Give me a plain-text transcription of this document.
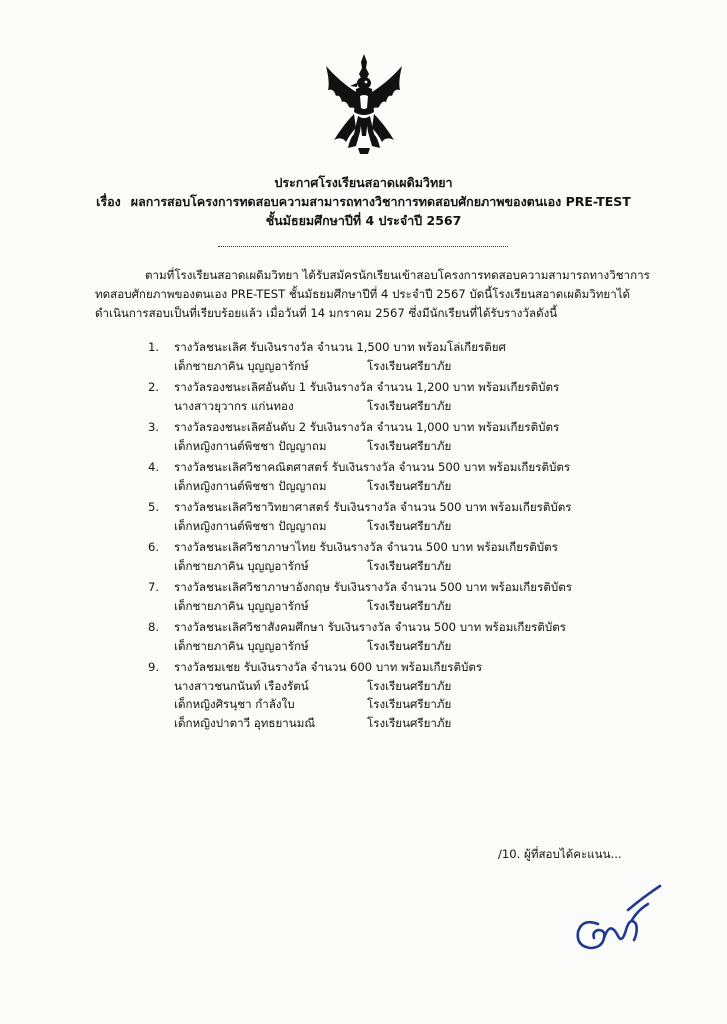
ประกาศโรงเรียนสอาดเผดิมวิทยา
เรื่อง ผลการสอบโครงการทดสอบความสามารถทางวิชาการทดสอบศักยภาพของตนเอง PRE-TEST
ชั้นมัธยมศึกษาปีที่ 4 ประจำปี 2567
ตามที่โรงเรียนสอาดเผดิมวิทยา ได้รับสมัครนักเรียนเข้าสอบโครงการทดสอบความสามารถทางวิชาการ
ทดสอบศักยภาพของตนเอง PRE-TEST ชั้นมัธยมศึกษาปีที่ 4 ประจำปี 2567 บัดนี้โรงเรียนสอาดเผดิมวิทยาได้
ดำเนินการสอบเป็นที่เรียบร้อยแล้ว เมื่อวันที่ 14 มกราคม 2567 ซึ่งมีนักเรียนที่ได้รับรางวัลดังนี้
1.	รางวัลชนะเลิศ รับเงินรางวัล จำนวน 1,500 บาท พร้อมโล่เกียรติยศ
เด็กชายภาคิน บุญญอารักษ์	โรงเรียนศรียาภัย
2.	รางวัลรองชนะเลิศอันดับ 1 รับเงินรางวัล จำนวน 1,200 บาท พร้อมเกียรติบัตร
นางสาวยุวากร แก่นทอง	โรงเรียนศรียาภัย
3.	รางวัลรองชนะเลิศอันดับ 2 รับเงินรางวัล จำนวน 1,000 บาท พร้อมเกียรติบัตร
เด็กหญิงกานต์พิชชา ปัญญาถม	โรงเรียนศรียาภัย
4.	รางวัลชนะเลิศวิชาคณิตศาสตร์ รับเงินรางวัล จำนวน 500 บาท พร้อมเกียรติบัตร
เด็กหญิงกานต์พิชชา ปัญญาถม	โรงเรียนศรียาภัย
5.	รางวัลชนะเลิศวิชาวิทยาศาสตร์ รับเงินรางวัล จำนวน 500 บาท พร้อมเกียรติบัตร
เด็กหญิงกานต์พิชชา ปัญญาถม	โรงเรียนศรียาภัย
6.	รางวัลชนะเลิศวิชาภาษาไทย รับเงินรางวัล จำนวน 500 บาท พร้อมเกียรติบัตร
เด็กชายภาคิน บุญญอารักษ์	โรงเรียนศรียาภัย
7.	รางวัลชนะเลิศวิชาภาษาอังกฤษ รับเงินรางวัล จำนวน 500 บาท พร้อมเกียรติบัตร
เด็กชายภาคิน บุญญอารักษ์	โรงเรียนศรียาภัย
8.	รางวัลชนะเลิศวิชาสังคมศึกษา รับเงินรางวัล จำนวน 500 บาท พร้อมเกียรติบัตร
เด็กชายภาคิน บุญญอารักษ์	โรงเรียนศรียาภัย
9.	รางวัลชมเชย รับเงินรางวัล จำนวน 600 บาท พร้อมเกียรติบัตร
นางสาวชนกนันท์ เรืองรัตน์	โรงเรียนศรียาภัย
เด็กหญิงศิรนุชา กำลังใบ	โรงเรียนศรียาภัย
เด็กหญิงปาตาวี อุทธยานมณี	โรงเรียนศรียาภัย
/10. ผู้ที่สอบได้คะแนน...
